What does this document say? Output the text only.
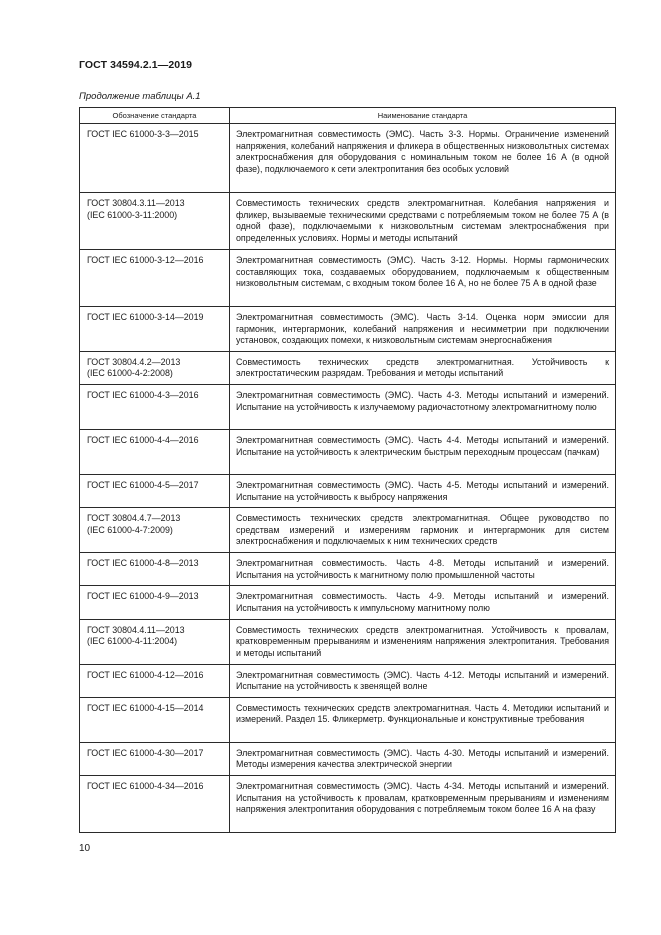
ГОСТ 34594.2.1—2019
Продолжение таблицы А.1
Обозначение стандарта	Наименование стандарта

ГОСТ IEC 61000-3-3—2015	Электромагнитная совместимость (ЭМС). Часть 3-3. Нормы. Ограничение изменений напряжения, колебаний напряжения и фликера в общественных низковольтных системах электроснабжения для оборудования с номинальным током не более 16 А (в одной фазе), подключаемого к сети электропитания без особых условий

ГОСТ 30804.3.11—2013
(IEC 61000-3-11:2000)	Совместимость технических средств электромагнитная. Колебания напряжения и фликер, вызываемые техническими средствами с потребляемым током не более 75 А (в одной фазе), подключаемыми к низковольтным системам электроснабжения при определенных условиях. Нормы и методы испытаний

ГОСТ IEC 61000-3-12—2016	Электромагнитная совместимость (ЭМС). Часть 3-12. Нормы. Нормы гармонических составляющих тока, создаваемых оборудованием, подключаемым к общественным низковольтным системам, с входным током более 16 А, но не более 75 А в одной фазе

ГОСТ IEC 61000-3-14—2019	Электромагнитная совместимость (ЭМС). Часть 3-14. Оценка норм эмиссии для гармоник, интергармоник, колебаний напряжения и несимметрии при подключении установок, создающих помехи, к низковольтным системам энергоснабжения

ГОСТ 30804.4.2—2013
(IEC 61000-4-2:2008)	Совместимость технических средств электромагнитная. Устойчивость к электростатическим разрядам. Требования и методы испытаний

ГОСТ IEC 61000-4-3—2016	Электромагнитная совместимость (ЭМС). Часть 4-3. Методы испытаний и измерений. Испытание на устойчивость к излучаемому радиочастотному электромагнитному полю

ГОСТ IEC 61000-4-4—2016	Электромагнитная совместимость (ЭМС). Часть 4-4. Методы испытаний и измерений. Испытание на устойчивость к электрическим быстрым переходным процессам (пачкам)

ГОСТ IEC 61000-4-5—2017	Электромагнитная совместимость (ЭМС). Часть 4-5. Методы испытаний и измерений. Испытание на устойчивость к выбросу напряжения

ГОСТ 30804.4.7—2013
(IEC 61000-4-7:2009)	Совместимость технических средств электромагнитная. Общее руководство по средствам измерений и измерениям гармоник и интергармоник для систем электроснабжения и подключаемых к ним технических средств

ГОСТ IEC 61000-4-8—2013	Электромагнитная совместимость. Часть 4-8. Методы испытаний и измерений. Испытания на устойчивость к магнитному полю промышленной частоты

ГОСТ IEC 61000-4-9—2013	Электромагнитная совместимость. Часть 4-9. Методы испытаний и измерений. Испытания на устойчивость к импульсному магнитному полю

ГОСТ 30804.4.11—2013
(IEC 61000-4-11:2004)	Совместимость технических средств электромагнитная. Устойчивость к провалам, кратковременным прерываниям и изменениям напряжения электропитания. Требования и методы испытаний

ГОСТ IEC 61000-4-12—2016	Электромагнитная совместимость (ЭМС). Часть 4-12. Методы испытаний и измерений. Испытание на устойчивость к звенящей волне

ГОСТ IEC 61000-4-15—2014	Совместимость технических средств электромагнитная. Часть 4. Методики испытаний и измерений. Раздел 15. Фликерметр. Функциональные и конструктивные требования

ГОСТ IEC 61000-4-30—2017	Электромагнитная совместимость (ЭМС). Часть 4-30. Методы испытаний и измерений. Методы измерения качества электрической энергии

ГОСТ IEC 61000-4-34—2016	Электромагнитная совместимость (ЭМС). Часть 4-34. Методы испытаний и измерений. Испытания на устойчивость к провалам, кратковременным прерываниям и изменениям напряжения электропитания оборудования с потребляемым током более 16 А на фазу
10
